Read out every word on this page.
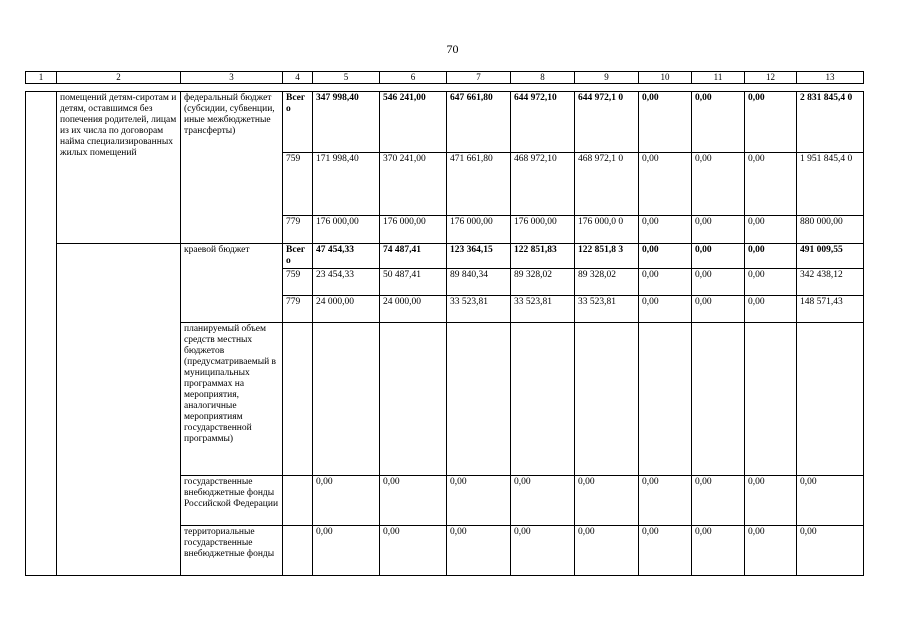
70
1	2	3	4	5	6	7	8	9	10	11	12	13
	помещений детям-сиротам и детям, оставшимся без попечения родителей, лицам из их числа по договорам найма специализированных жилых помещений	федеральный бюджет (субсидии, субвенции, иные межбюджетные трансферты)	Всег о	347 998,40	546 241,00	647 661,80	644 972,10	644 972,1 0	0,00	0,00	0,00	2 831 845,4 0
			759	171 998,40	370 241,00	471 661,80	468 972,10	468 972,1 0	0,00	0,00	0,00	1 951 845,4 0
			779	176 000,00	176 000,00	176 000,00	176 000,00	176 000,0 0	0,00	0,00	0,00	880 000,00
		краевой бюджет	Всег о	47 454,33	74 487,41	123 364,15	122 851,83	122 851,8 3	0,00	0,00	0,00	491 009,55
			759	23 454,33	50 487,41	89 840,34	89 328,02	89 328,02	0,00	0,00	0,00	342 438,12
			779	24 000,00	24 000,00	33 523,81	33 523,81	33 523,81	0,00	0,00	0,00	148 571,43
		планируемый объем средств местных бюджетов (предусматриваемый в муниципальных программах на мероприятия, аналогичные мероприятиям государственной программы)										
		государственные внебюджетные фонды Российской Федерации		0,00	0,00	0,00	0,00	0,00	0,00	0,00	0,00	0,00
		территориальные государственные внебюджетные фонды		0,00	0,00	0,00	0,00	0,00	0,00	0,00	0,00	0,00
